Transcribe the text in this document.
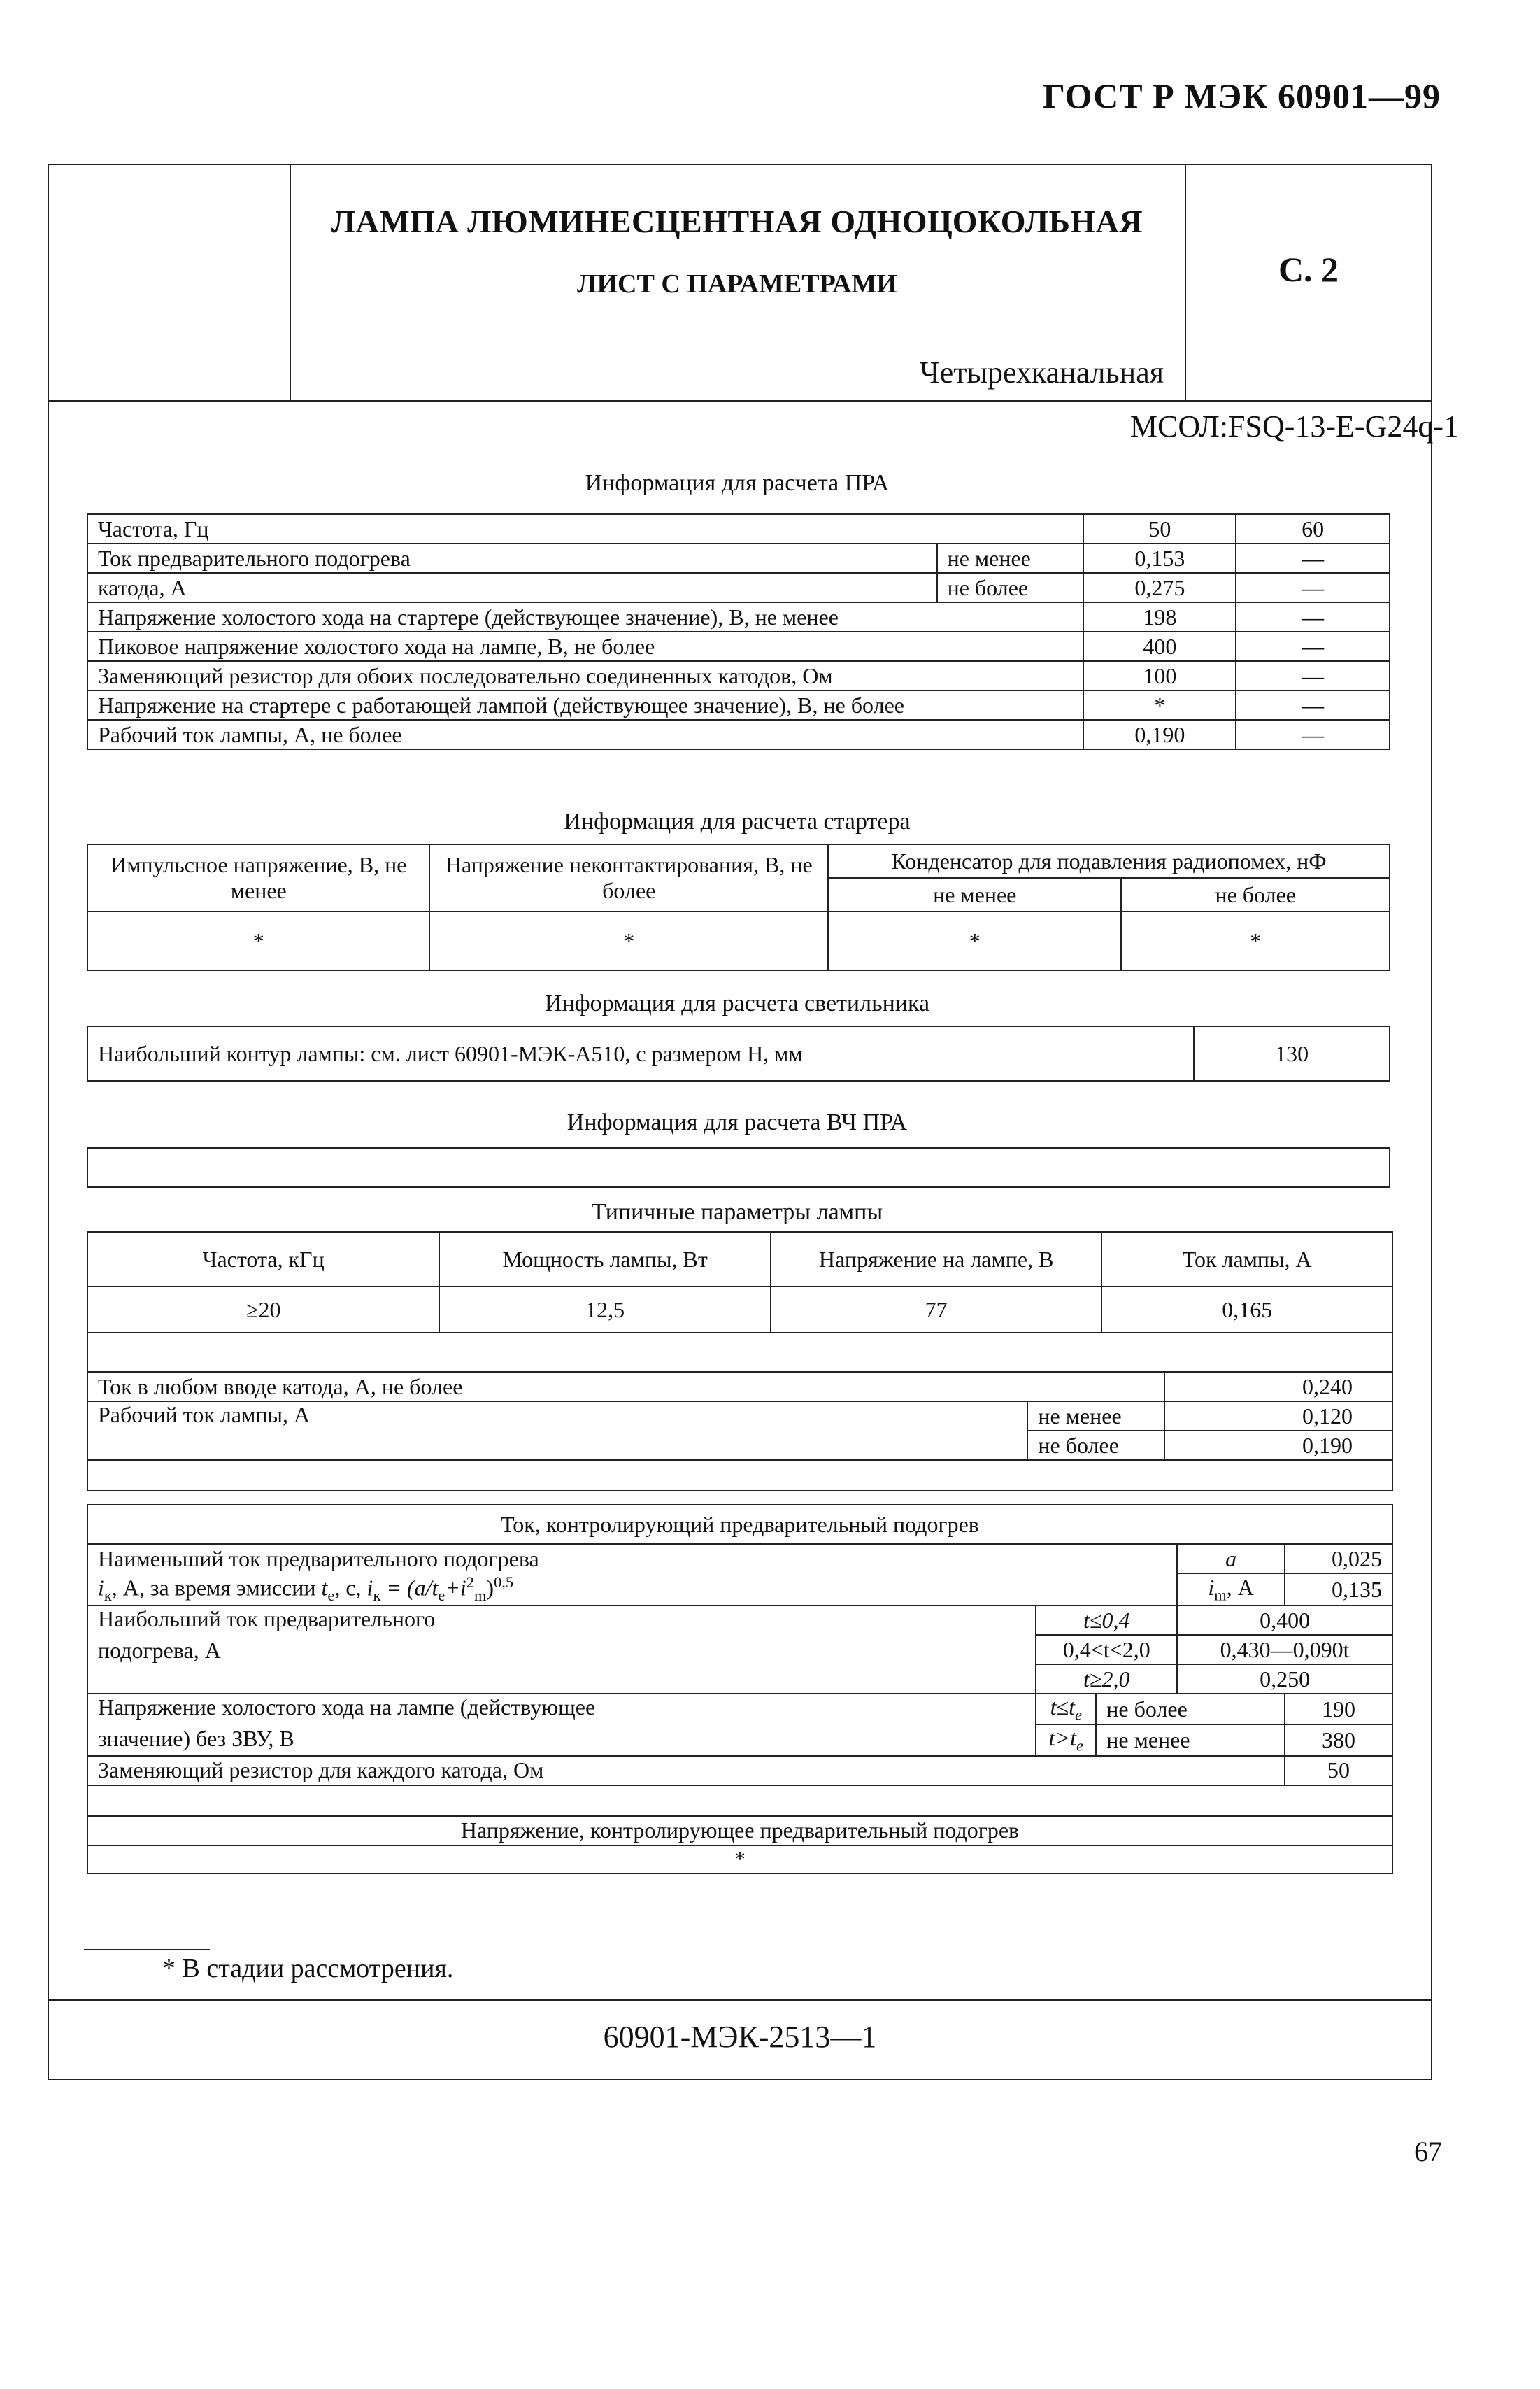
ГОСТ Р МЭК 60901—99
ЛАМПА ЛЮМИНЕСЦЕНТНАЯ ОДНОЦОКОЛЬНАЯ
ЛИСТ С ПАРАМЕТРАМИ
Четырехканальная
С. 2
60901-МЭК-2513—1
МСОЛ:FSQ-13-E-G24q-1
Информация для расчета ПРА
Частота, Гц		50	60
Ток предварительного подогрева	не менее	0,153	—
катода, А	не более	0,275	—
Напряжение холостого хода на стартере (действующее значение), В, не менее		198	—
Пиковое напряжение холостого хода на лампе, В, не более		400	—
Заменяющий резистор для обоих последовательно соединенных катодов, Ом		100	—
Напряжение на стартере с работающей лампой (действующее значение), В, не более		*	—
Рабочий ток лампы, А, не более		0,190	—
Информация для расчета стартера
Импульсное напряжение, В, не менее	Напряжение неконтактирования, В, не более	Конденсатор для подавления радиопомех, нФ	
		не менее	не более
*	*	*	*
Информация для расчета светильника
Наибольший контур лампы: см. лист 60901-МЭК-А510, с размером Н, мм	130
Информация для расчета ВЧ ПРА
Типичные параметры лампы
Частота, кГц	Мощность лампы, Вт	Напряжение на лампе, В	Ток лампы, А
≥20	12,5	77	0,165

Ток в любом вводе катода, А, не более		0,240
Рабочий ток лампы, А	не менее	0,120
	не более	0,190

Ток, контролирующий предварительный подогрев				
Наименьший ток предварительного подогрева			a	0,025
$i_к$, А, за время эмиссии $t_e$, с, $i_к = (a/t_e+i^2_m)^{0,5}$			$i_m$, А	0,135

Наибольший ток предварительного
подогрева, А	t≤0,4		0,400	
	0,4<t<2,0		0,430—0,090t	
	t≥2,0		0,250	

Напряжение холостого хода на лампе (действующее
значение) без ЗВУ, В	$t\le t_e$	не более		190
	$t>t_e$	не менее		380
Заменяющий резистор для каждого катода, Ом				50

Напряжение, контролирующее предварительный подогрев				
*				
* В стадии рассмотрения.
67
